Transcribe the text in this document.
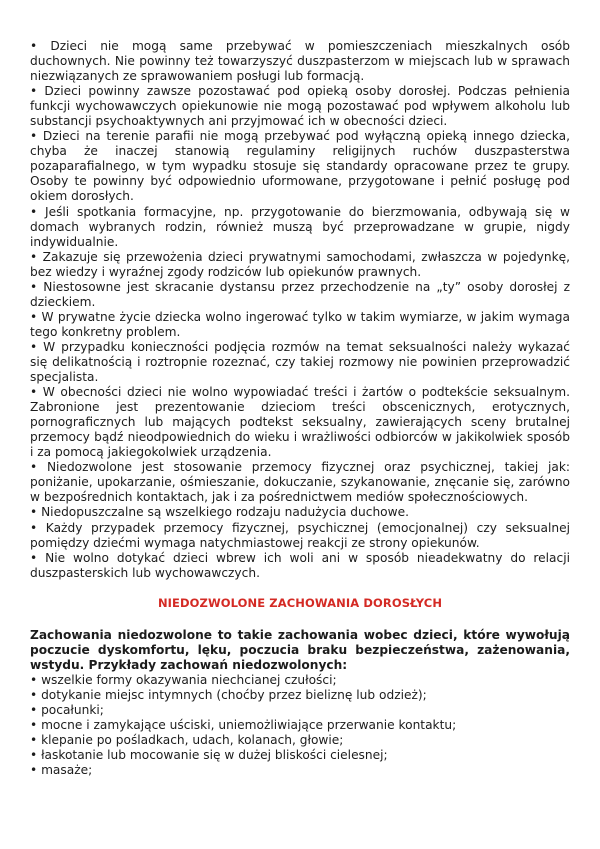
• Dzieci nie mogą same przebywać w pomieszczeniach mieszkalnych osób duchownych. Nie powinny też towarzyszyć duszpasterzom w miejscach lub w sprawach niezwiązanych ze sprawowaniem posługi lub formacją.

• Dzieci powinny zawsze pozostawać pod opieką osoby dorosłej. Podczas pełnienia funkcji wychowawczych opiekunowie nie mogą pozostawać pod wpływem alkoholu lub substancji psychoaktywnych ani przyjmować ich w obecności dzieci.

• Dzieci na terenie parafii nie mogą przebywać pod wyłączną opieką innego dziecka, chyba że inaczej stanowią regulaminy religijnych ruchów duszpasterstwa pozaparafialnego, w tym wypadku stosuje się standardy opracowane przez te grupy. Osoby te powinny być odpowiednio uformowane, przygotowane i pełnić posługę pod okiem dorosłych.

• Jeśli spotkania formacyjne, np. przygotowanie do bierzmowania, odbywają się w domach wybranych rodzin, również muszą być przeprowadzane w grupie, nigdy indywidualnie.

• Zakazuje się przewożenia dzieci prywatnymi samochodami, zwłaszcza w pojedynkę, bez wiedzy i wyraźnej zgody rodziców lub opiekunów prawnych.

• Niestosowne jest skracanie dystansu przez przechodzenie na „ty” osoby dorosłej z dzieckiem.

• W prywatne życie dziecka wolno ingerować tylko w takim wymiarze, w jakim wymaga tego konkretny problem.

• W przypadku konieczności podjęcia rozmów na temat seksualności należy wykazać się delikatnością i roztropnie rozeznać, czy takiej rozmowy nie powinien przeprowadzić specjalista.

• W obecności dzieci nie wolno wypowiadać treści i żartów o podtekście seksualnym. Zabronione jest prezentowanie dzieciom treści obscenicznych, erotycznych, pornograficznych lub mających podtekst seksualny, zawierających sceny brutalnej przemocy bądź nieodpowiednich do wieku i wrażliwości odbiorców w jakikolwiek sposób i za pomocą jakiegokolwiek urządzenia.

• Niedozwolone jest stosowanie przemocy fizycznej oraz psychicznej, takiej jak: poniżanie, upokarzanie, ośmieszanie, dokuczanie, szykanowanie, znęcanie się, zarówno w bezpośrednich kontaktach, jak i za pośrednictwem mediów społecznościowych.

• Niedopuszczalne są wszelkiego rodzaju nadużycia duchowe.

• Każdy przypadek przemocy fizycznej, psychicznej (emocjonalnej) czy seksualnej pomiędzy dziećmi wymaga natychmiastowej reakcji ze strony opiekunów.

• Nie wolno dotykać dzieci wbrew ich woli ani w sposób nieadekwatny do relacji duszpasterskich lub wychowawczych.

NIEDOZWOLONE ZACHOWANIA DOROSŁYCH

Zachowania niedozwolone to takie zachowania wobec dzieci, które wywołują poczucie dyskomfortu, lęku, poczucia braku bezpieczeństwa, zażenowania, wstydu. Przykłady zachowań niedozwolonych:

• wszelkie formy okazywania niechcianej czułości;

• dotykanie miejsc intymnych (choćby przez bieliznę lub odzież);

• pocałunki;

• mocne i zamykające uściski, uniemożliwiające przerwanie kontaktu;

• klepanie po pośladkach, udach, kolanach, głowie;

• łaskotanie lub mocowanie się w dużej bliskości cielesnej;

• masaże;
